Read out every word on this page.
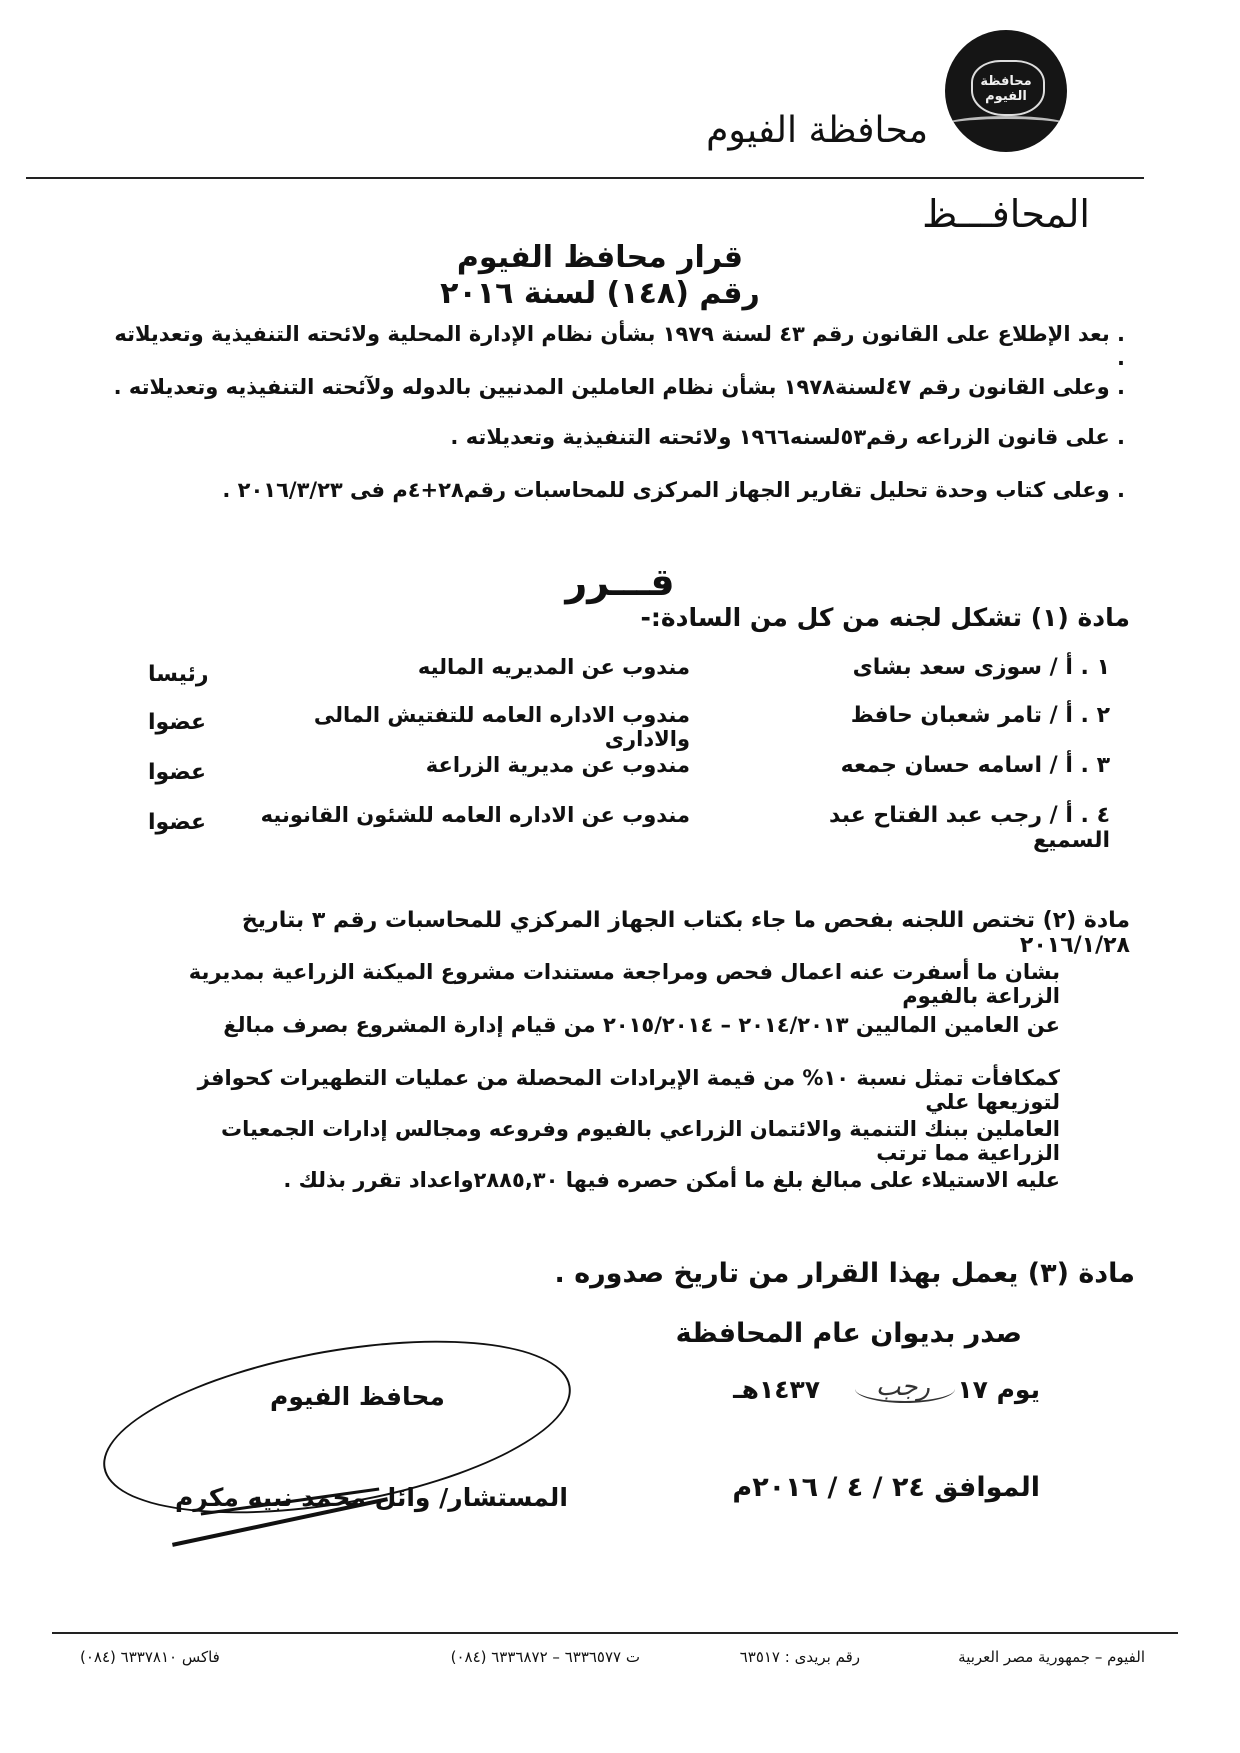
محافظة الفيوم
محافظة الفيوم
المحافـــظ
قرار محافظ الفيوم
رقم (١٤٨) لسنة ٢٠١٦
. بعد الإطلاع على القانون رقم ٤٣ لسنة ١٩٧٩ بشأن نظام الإدارة المحلية ولائحته التنفيذية وتعديلاته .
. وعلى القانون رقم ٤٧لسنة١٩٧٨ بشأن نظام العاملين المدنيين بالدوله ولآئحته التنفيذيه وتعديلاته .
. على قانون الزراعه رقم٥٣لسنه١٩٦٦ ولائحته التنفيذية وتعديلاته .
. وعلى كتاب وحدة تحليل تقارير الجهاز المركزى للمحاسبات رقم٢٨+٤م فى ٢٠١٦/٣/٢٣ .
قـــرر
مادة (١) تشكل لجنه من كل من السادة:-
١ . أ / سوزى سعد بشاى
مندوب عن المديريه الماليه
رئيسا
٢ . أ / تامر شعبان حافظ
مندوب الاداره العامه للتفتيش المالى والادارى
عضوا
٣ . أ / اسامه حسان جمعه
مندوب عن مديرية الزراعة
عضوا
٤ . أ / رجب عبد الفتاح عبد السميع
مندوب عن الاداره العامه للشئون القانونيه
عضوا
مادة (٢) تختص اللجنه بفحص ما جاء بكتاب الجهاز المركزي للمحاسبات رقم ٣ بتاريخ ٢٠١٦/١/٢٨
بشان ما أسفرت عنه اعمال فحص ومراجعة مستندات مشروع الميكنة الزراعية بمديرية الزراعة بالفيوم
عن العامين الماليين ٢٠١٤/٢٠١٣ – ٢٠١٥/٢٠١٤ من قيام إدارة المشروع بصرف مبالغ
كمكافأت تمثل نسبة ١٠% من قيمة الإيرادات المحصلة من عمليات التطهيرات كحوافز لتوزيعها علي
العاملين ببنك التنمية والائتمان الزراعي بالفيوم وفروعه ومجالس إدارات الجمعيات الزراعية مما ترتب
عليه الاستيلاء على مبالغ بلغ ما أمكن حصره فيها ٢٨٨٥,٣٠واعداد تقرر بذلك .
مادة (٣) يعمل بهذا القرار من تاريخ صدوره .
صدر بديوان عام المحافظة
يوم ١٧
رجب
١٤٣٧هـ
الموافق ٢٤ / ٤ / ٢٠١٦م
محافظ الفيوم
المستشار/ وائل محمد نبيه مكرم
الفيوم – جمهورية مصر العربية
رقم بريدى : ٦٣٥١٧
ت ٦٣٣٦٥٧٧ – ٦٣٣٦٨٧٢ (٠٨٤)
فاكس ٦٣٣٧٨١٠ (٠٨٤)
